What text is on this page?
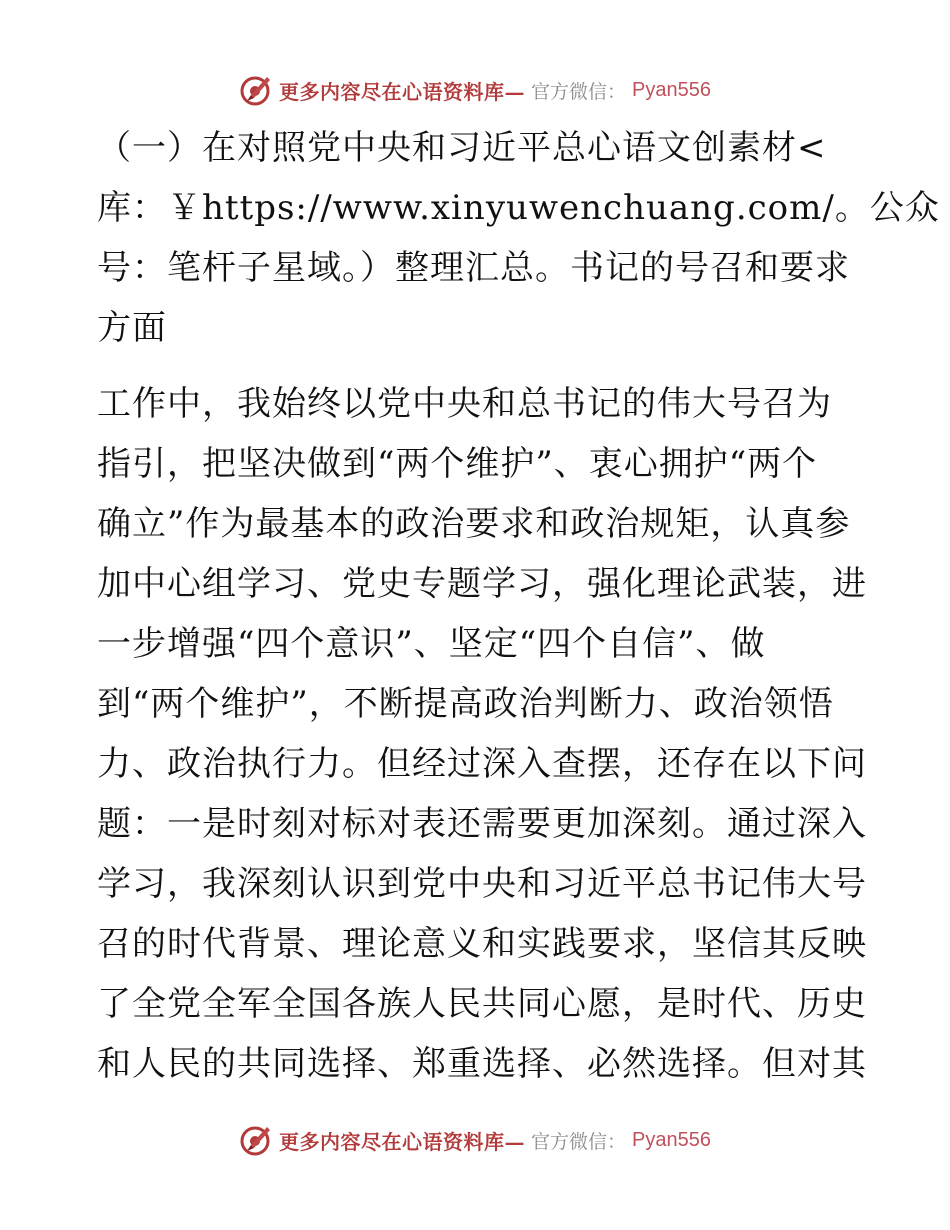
更多内容尽在心语资料库— 官方微信： Pyan556
（一）在对照党中央和习近平总心语文创素材<
库：￥https://www.xinyuwenchuang.com/。公众
号：笔杆子星域。）整理汇总。书记的号召和要求
方面
工作中，我始终以党中央和总书记的伟大号召为
指引，把坚决做到“两个维护”、衷心拥护“两个
确立”作为最基本的政治要求和政治规矩，认真参
加中心组学习、党史专题学习，强化理论武装，进
一步增强“四个意识”、坚定“四个自信”、做
到“两个维护”，不断提高政治判断力、政治领悟
力、政治执行力。但经过深入查摆，还存在以下问
题：一是时刻对标对表还需要更加深刻。通过深入
学习，我深刻认识到党中央和习近平总书记伟大号
召的时代背景、理论意义和实践要求，坚信其反映
了全党全军全国各族人民共同心愿，是时代、历史
和人民的共同选择、郑重选择、必然选择。但对其
更多内容尽在心语资料库— 官方微信： Pyan556
